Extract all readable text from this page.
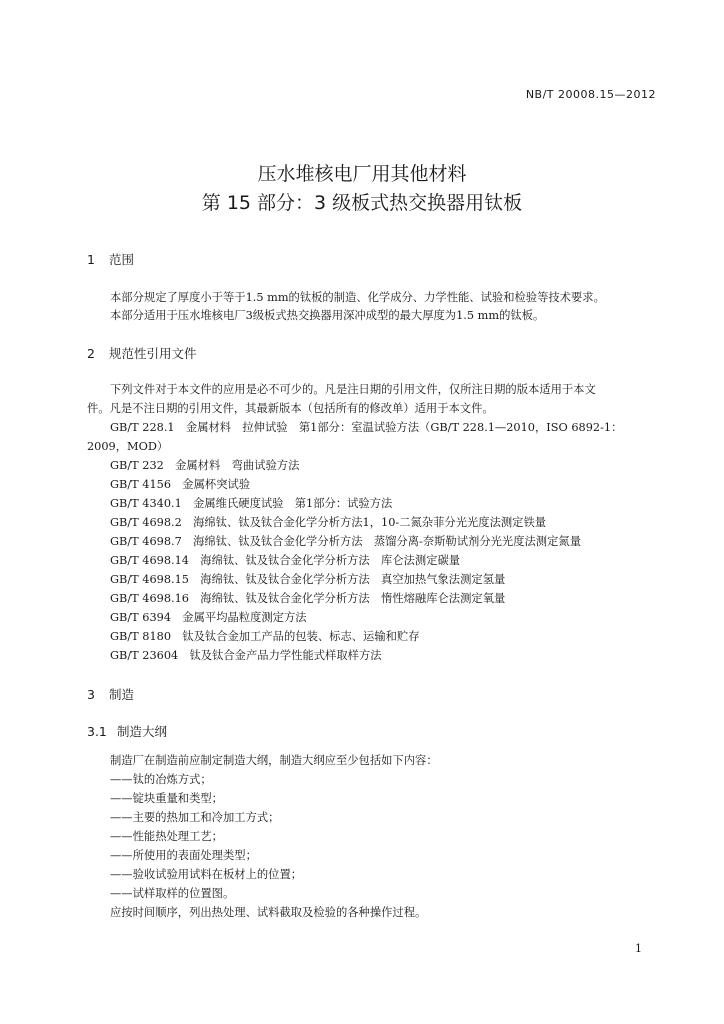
NB/T 20008.15—2012
压水堆核电厂用其他材料
第 15 部分：3 级板式热交换器用钛板
1 范围
本部分规定了厚度小于等于1.5 mm的钛板的制造、化学成分、力学性能、试验和检验等技术要求。
本部分适用于压水堆核电厂3级板式热交换器用深冲成型的最大厚度为1.5 mm的钛板。
2 规范性引用文件
下列文件对于本文件的应用是必不可少的。凡是注日期的引用文件，仅所注日期的版本适用于本文
件。凡是不注日期的引用文件，其最新版本（包括所有的修改单）适用于本文件。
GB/T 228.1　金属材料　拉伸试验　第1部分：室温试验方法（GB/T 228.1—2010，ISO 6892-1：
2009，MOD）
GB/T 232　金属材料　弯曲试验方法
GB/T 4156　金属杯突试验
GB/T 4340.1　金属维氏硬度试验　第1部分：试验方法
GB/T 4698.2　海绵钛、钛及钛合金化学分析方法1，10-二氮杂菲分光光度法测定铁量
GB/T 4698.7　海绵钛、钛及钛合金化学分析方法　蒸馏分离-奈斯勒试剂分光光度法测定氮量
GB/T 4698.14　海绵钛、钛及钛合金化学分析方法　库仑法测定碳量
GB/T 4698.15　海绵钛、钛及钛合金化学分析方法　真空加热气象法测定氢量
GB/T 4698.16　海绵钛、钛及钛合金化学分析方法　惰性熔融库仑法测定氧量
GB/T 6394　金属平均晶粒度测定方法
GB/T 8180　钛及钛合金加工产品的包装、标志、运输和贮存
GB/T 23604　钛及钛合金产品力学性能式样取样方法
3 制造
3.1 制造大纲
制造厂在制造前应制定制造大纲，制造大纲应至少包括如下内容：
——钛的冶炼方式；
——锭块重量和类型；
——主要的热加工和冷加工方式；
——性能热处理工艺；
——所使用的表面处理类型；
——验收试验用试料在板材上的位置；
——试样取样的位置图。
应按时间顺序，列出热处理、试料截取及检验的各种操作过程。
1
